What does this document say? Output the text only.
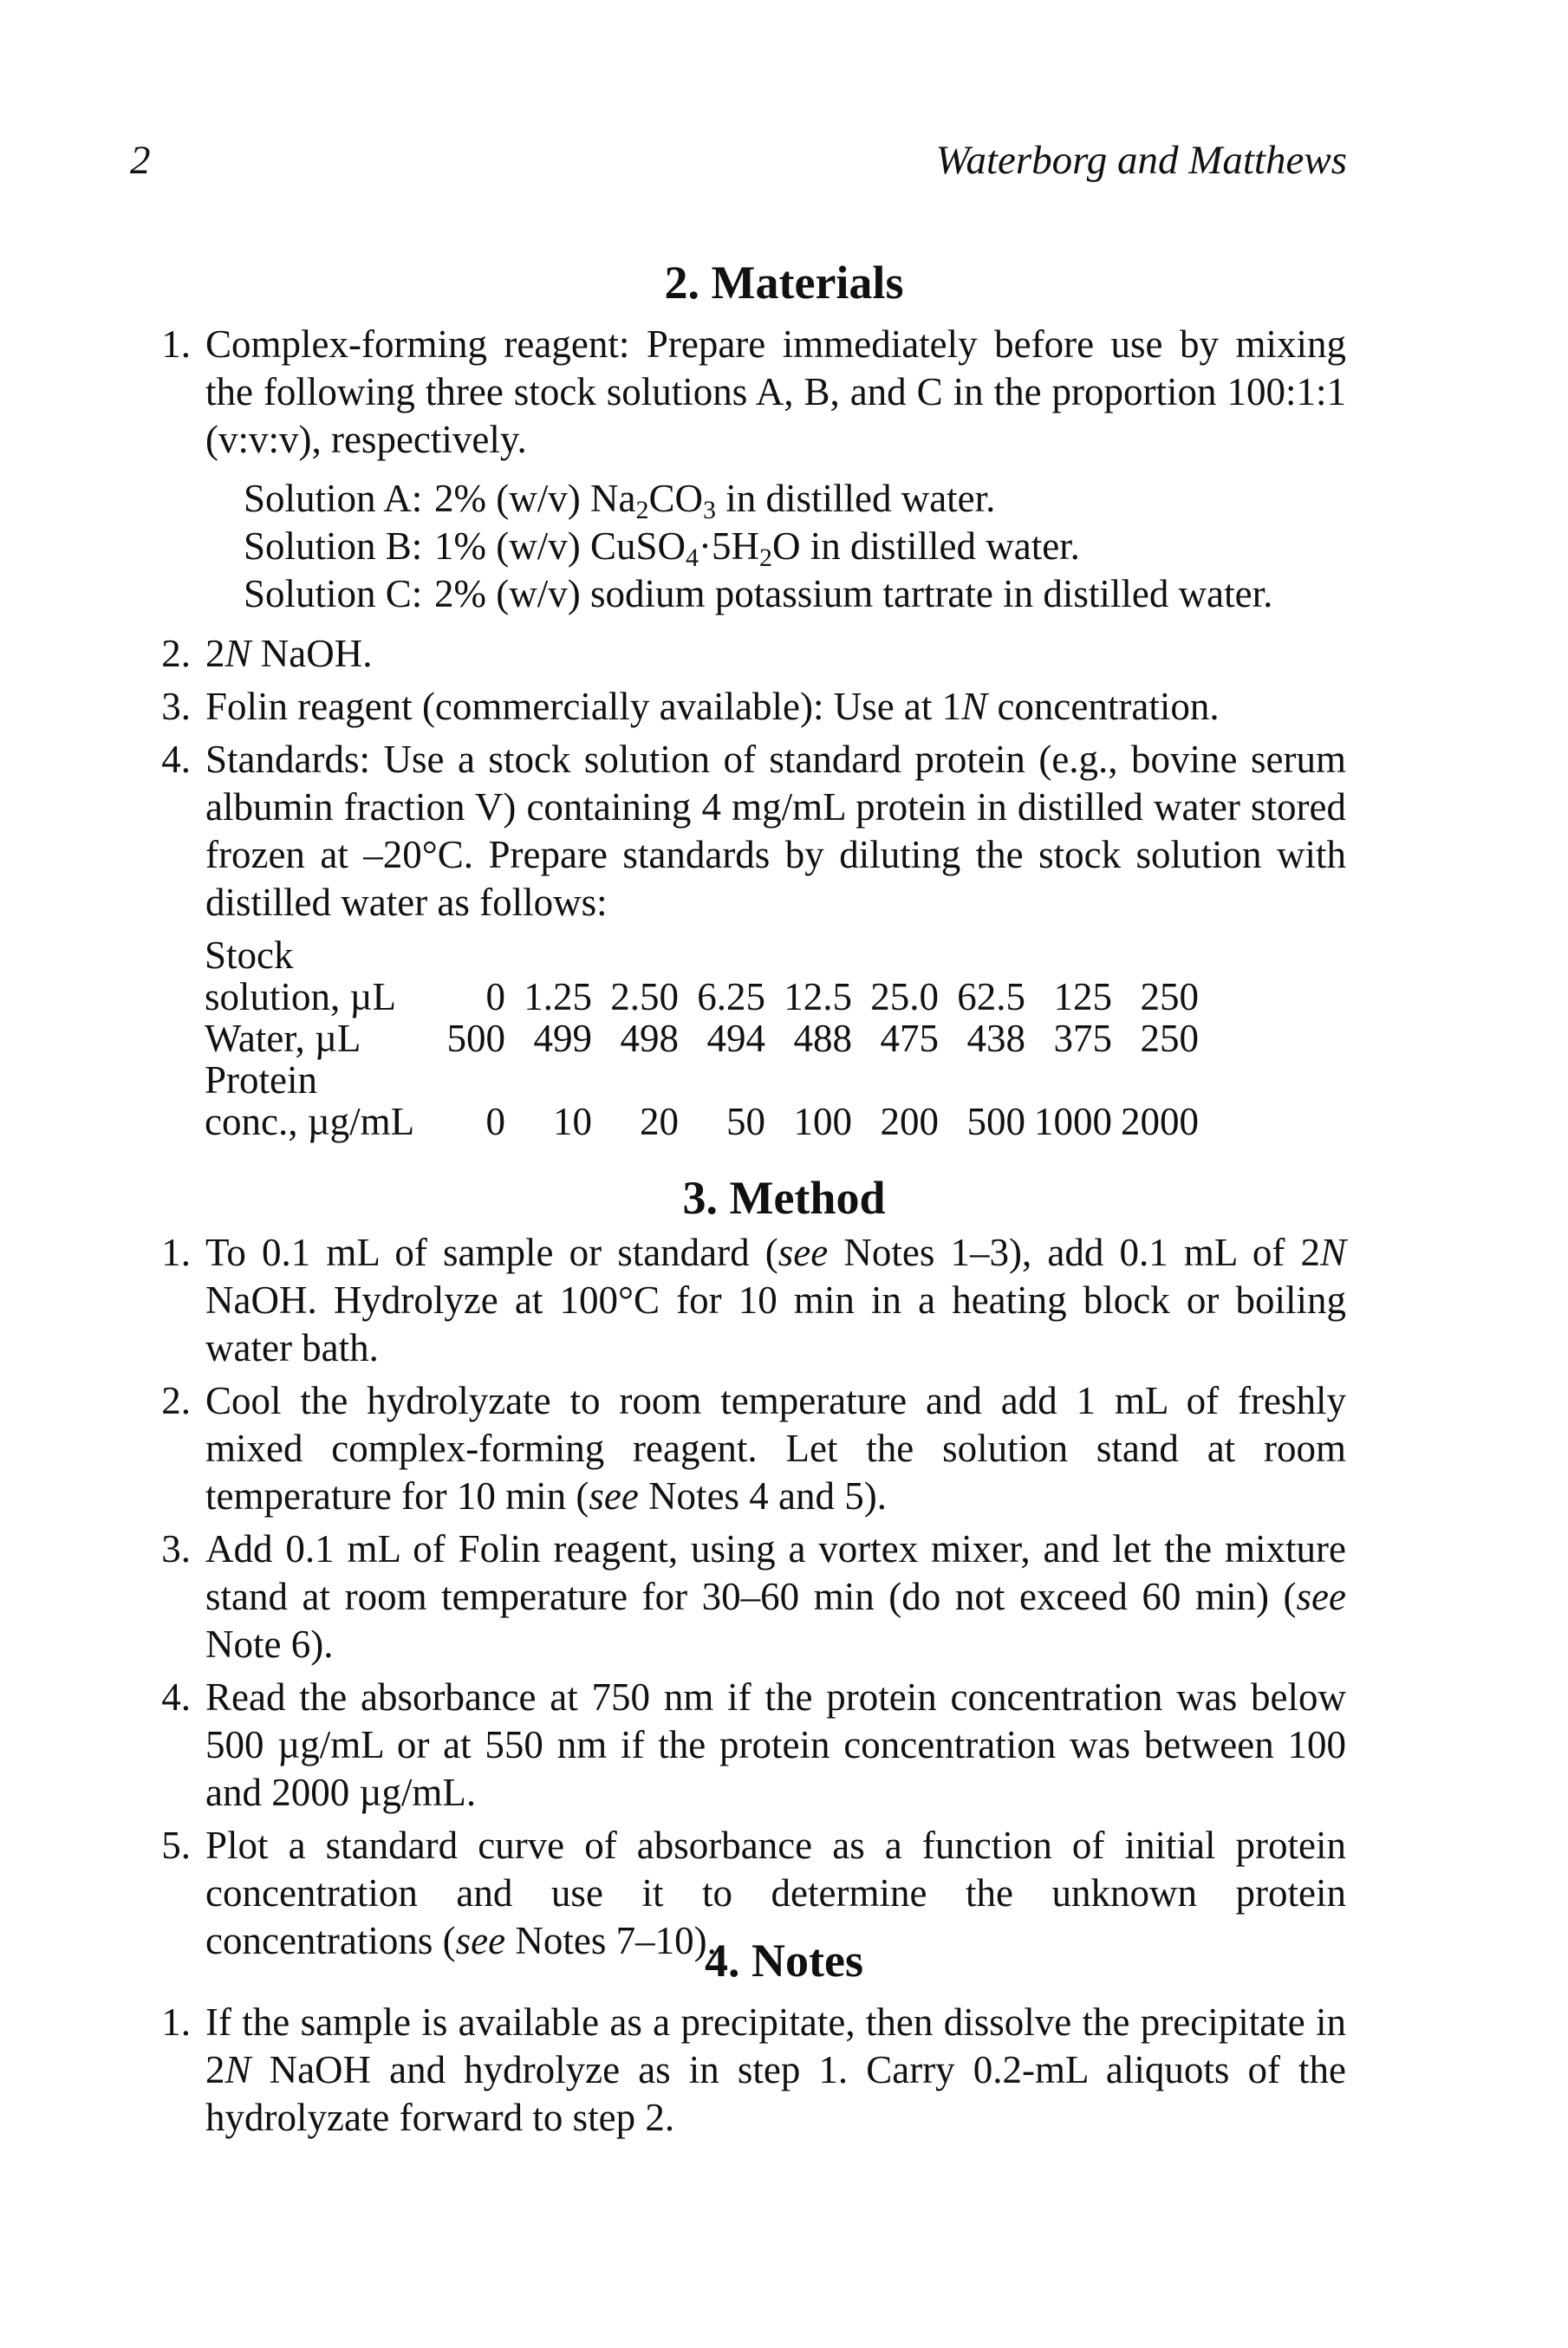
2	Waterborg and Matthews
2. Materials
1. Complex-forming reagent: Prepare immediately before use by mixing the following three stock solutions A, B, and C in the proportion 100:1:1 (v:v:v), respectively.
Solution A: 2% (w/v) $Na_2CO_3$ in distilled water.
Solution B: 1% (w/v) $CuSO_4\cdot 5H_2O$ in distilled water.
Solution C: 2% (w/v) sodium potassium tartrate in distilled water.
2. 2N NaOH.
3. Folin reagent (commercially available): Use at 1N concentration.
4. Standards: Use a stock solution of standard protein (e.g., bovine serum albumin fraction V) containing 4 mg/mL protein in distilled water stored frozen at –20°C. Prepare standards by diluting the stock solution with distilled water as follows:
Stock									
solution, µL	0	1.25	2.50	6.25	12.5	25.0	62.5	125	250
Water, µL	500	499	498	494	488	475	438	375	250
Protein									
conc., µg/mL	0	10	20	50	100	200	500	1000	2000
3. Method
1. To 0.1 mL of sample or standard (see Notes 1–3), add 0.1 mL of 2N NaOH. Hydrolyze at 100°C for 10 min in a heating block or boiling water bath.
2. Cool the hydrolyzate to room temperature and add 1 mL of freshly mixed complex-forming reagent. Let the solution stand at room temperature for 10 min (see Notes 4 and 5).
3. Add 0.1 mL of Folin reagent, using a vortex mixer, and let the mixture stand at room temperature for 30–60 min (do not exceed 60 min) (see Note 6).
4. Read the absorbance at 750 nm if the protein concentration was below 500 µg/mL or at 550 nm if the protein concentration was between 100 and 2000 µg/mL.
5. Plot a standard curve of absorbance as a function of initial protein concentration and use it to determine the unknown protein concentrations (see Notes 7–10).
4. Notes
1. If the sample is available as a precipitate, then dissolve the precipitate in 2N NaOH and hydrolyze as in step 1. Carry 0.2-mL aliquots of the hydrolyzate forward to step 2.
